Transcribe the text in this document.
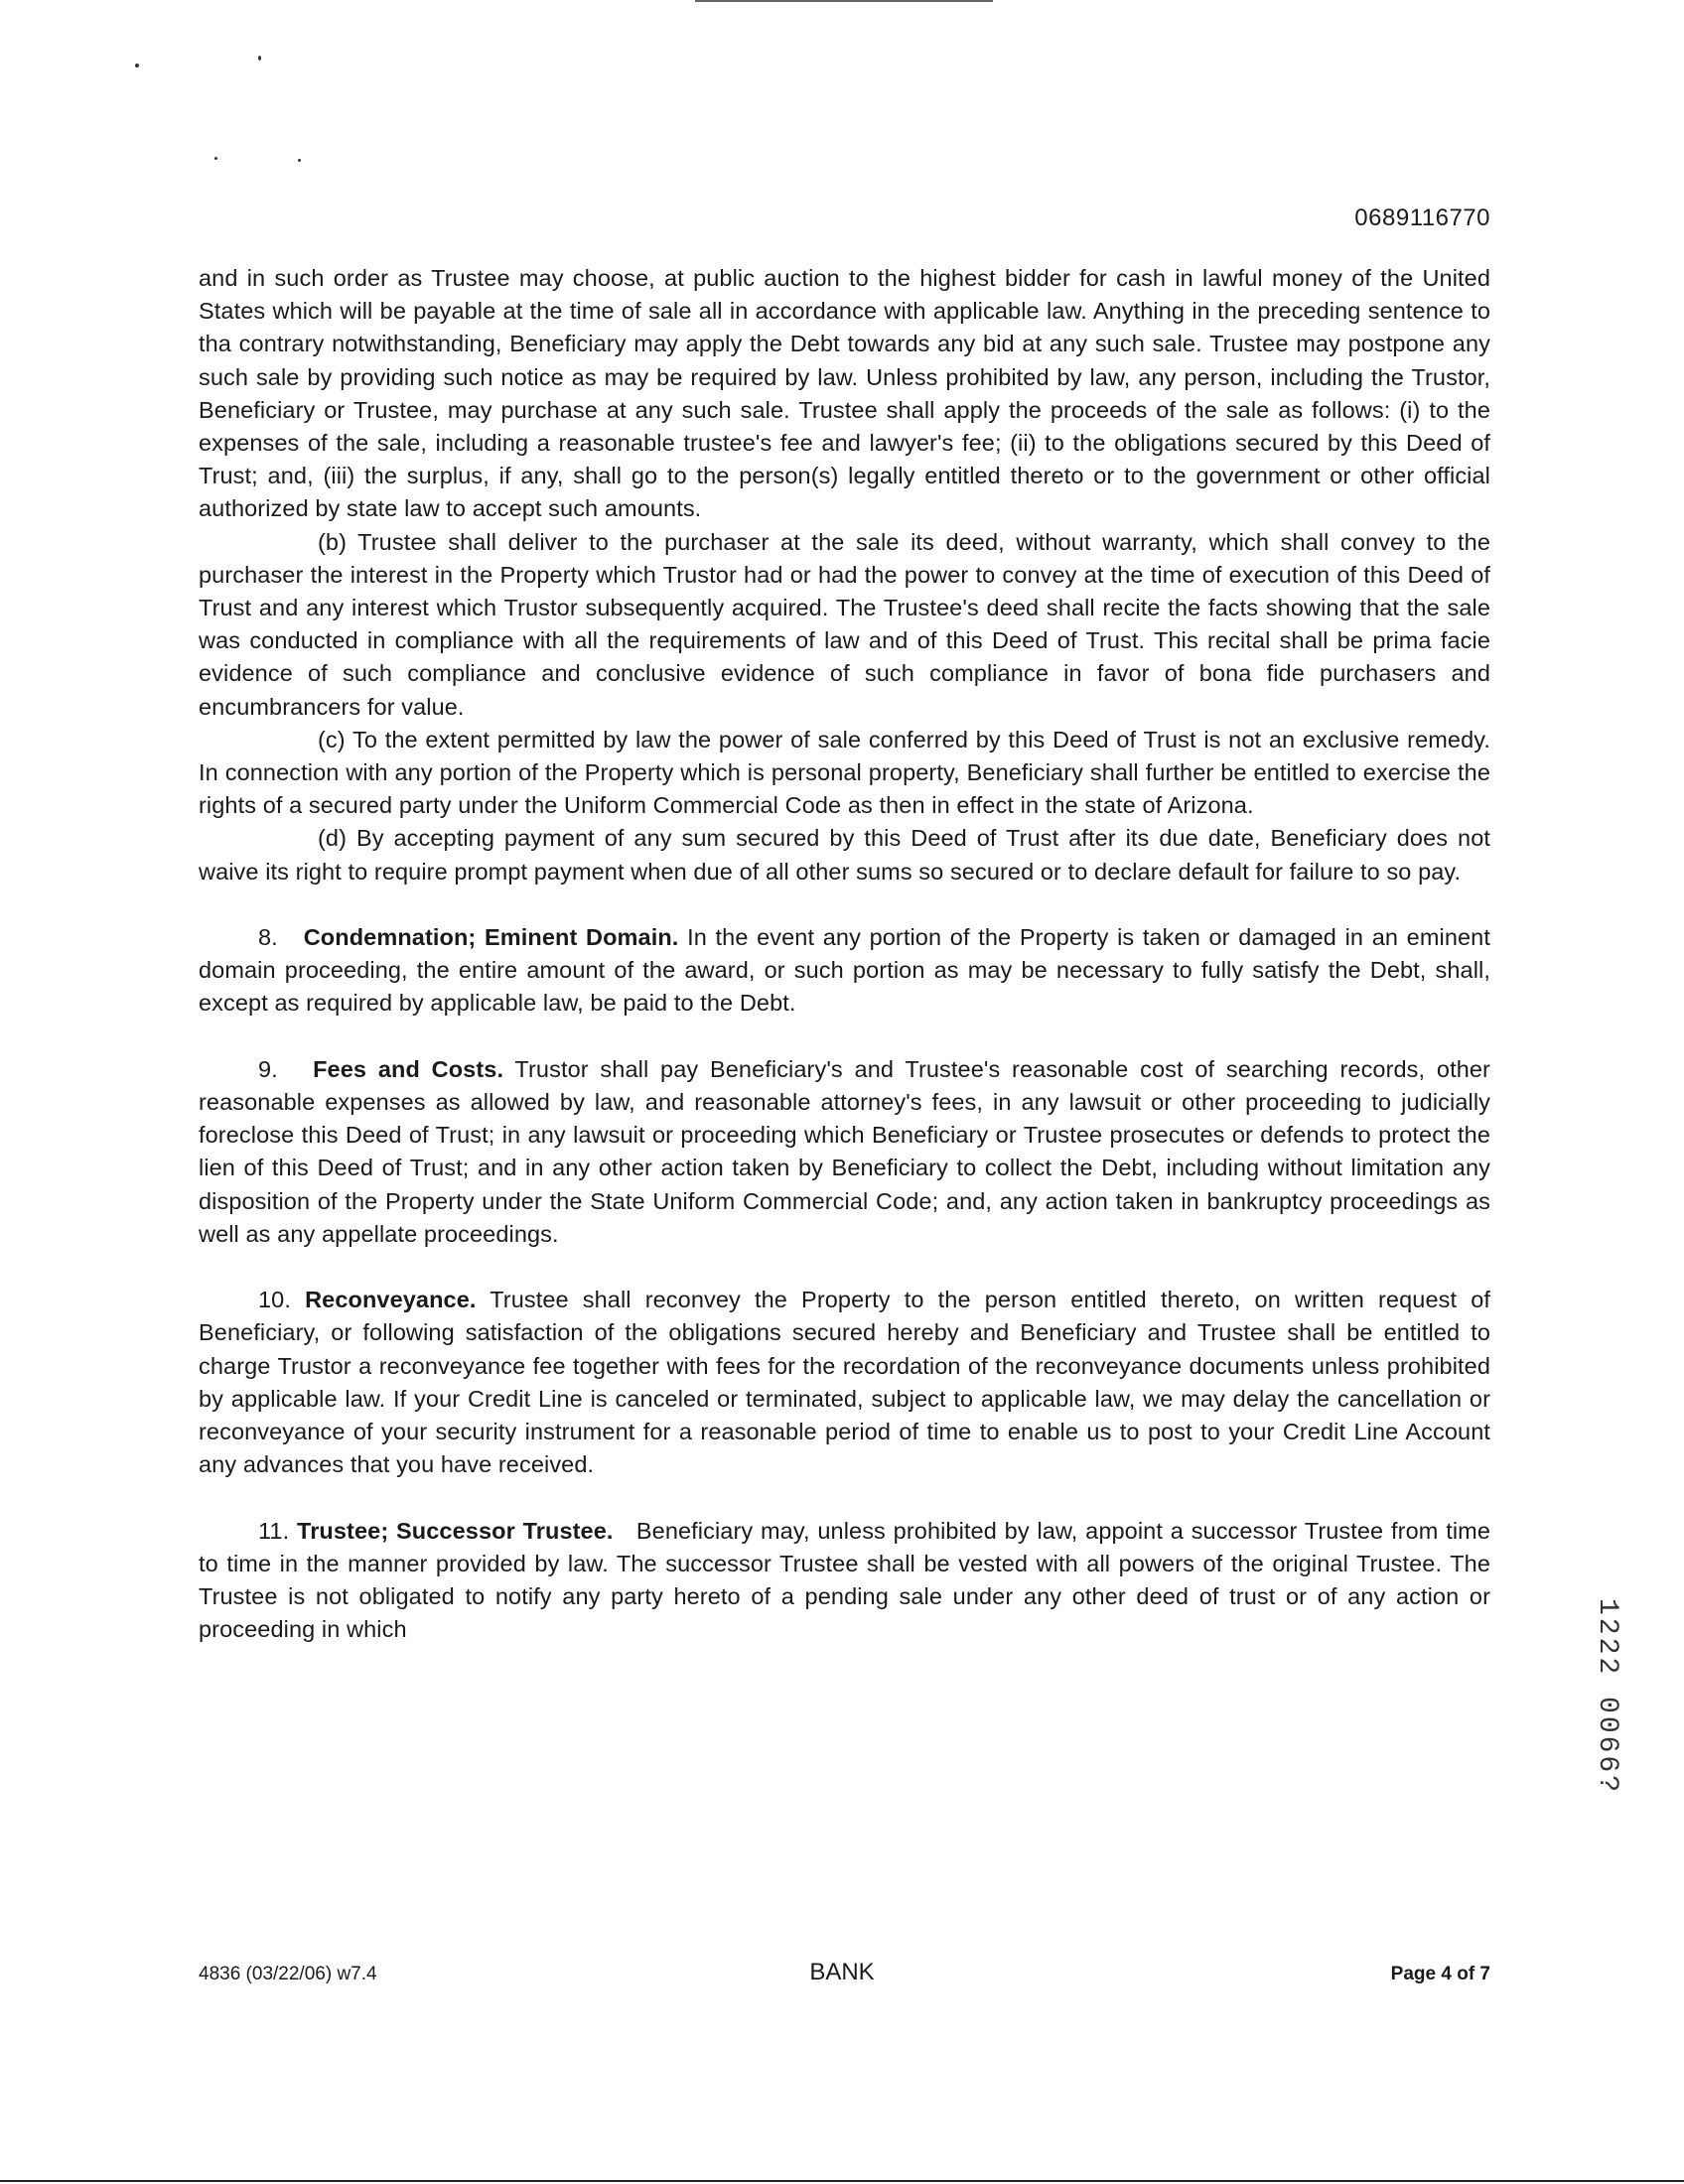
0689116770

and in such order as Trustee may choose, at public auction to the highest bidder for cash in lawful money of the United States which will be payable at the time of sale all in accordance with applicable law. Anything in the preceding sentence to tha contrary notwithstanding, Beneficiary may apply the Debt towards any bid at any such sale. Trustee may postpone any such sale by providing such notice as may be required by law. Unless prohibited by law, any person, including the Trustor, Beneficiary or Trustee, may purchase at any such sale. Trustee shall apply the proceeds of the sale as follows: (i) to the expenses of the sale, including a reasonable trustee's fee and lawyer's fee; (ii) to the obligations secured by this Deed of Trust; and, (iii) the surplus, if any, shall go to the person(s) legally entitled thereto or to the government or other official authorized by state law to accept such amounts.

(b) Trustee shall deliver to the purchaser at the sale its deed, without warranty, which shall convey to the purchaser the interest in the Property which Trustor had or had the power to convey at the time of execution of this Deed of Trust and any interest which Trustor subsequently acquired. The Trustee's deed shall recite the facts showing that the sale was conducted in compliance with all the requirements of law and of this Deed of Trust. This recital shall be prima facie evidence of such compliance and conclusive evidence of such compliance in favor of bona fide purchasers and encumbrancers for value.

(c) To the extent permitted by law the power of sale conferred by this Deed of Trust is not an exclusive remedy. In connection with any portion of the Property which is personal property, Beneficiary shall further be entitled to exercise the rights of a secured party under the Uniform Commercial Code as then in effect in the state of Arizona.

(d) By accepting payment of any sum secured by this Deed of Trust after its due date, Beneficiary does not waive its right to require prompt payment when due of all other sums so secured or to declare default for failure to so pay.

8. Condemnation; Eminent Domain. In the event any portion of the Property is taken or damaged in an eminent domain proceeding, the entire amount of the award, or such portion as may be necessary to fully satisfy the Debt, shall, except as required by applicable law, be paid to the Debt.

9. Fees and Costs. Trustor shall pay Beneficiary's and Trustee's reasonable cost of searching records, other reasonable expenses as allowed by law, and reasonable attorney's fees, in any lawsuit or other proceeding to judicially foreclose this Deed of Trust; in any lawsuit or proceeding which Beneficiary or Trustee prosecutes or defends to protect the lien of this Deed of Trust; and in any other action taken by Beneficiary to collect the Debt, including without limitation any disposition of the Property under the State Uniform Commercial Code; and, any action taken in bankruptcy proceedings as well as any appellate proceedings.

10. Reconveyance. Trustee shall reconvey the Property to the person entitled thereto, on written request of Beneficiary, or following satisfaction of the obligations secured hereby and Beneficiary and Trustee shall be entitled to charge Trustor a reconveyance fee together with fees for the recordation of the reconveyance documents unless prohibited by applicable law. If your Credit Line is canceled or terminated, subject to applicable law, we may delay the cancellation or reconveyance of your security instrument for a reasonable period of time to enable us to post to your Credit Line Account any advances that you have received.

11. Trustee; Successor Trustee. Beneficiary may, unless prohibited by law, appoint a successor Trustee from time to time in the manner provided by law. The successor Trustee shall be vested with all powers of the original Trustee. The Trustee is not obligated to notify any party hereto of a pending sale under any other deed of trust or of any action or proceeding in which

4836 (03/22/06) w7.4	BANK	Page 4 of 7
1222 0066?
